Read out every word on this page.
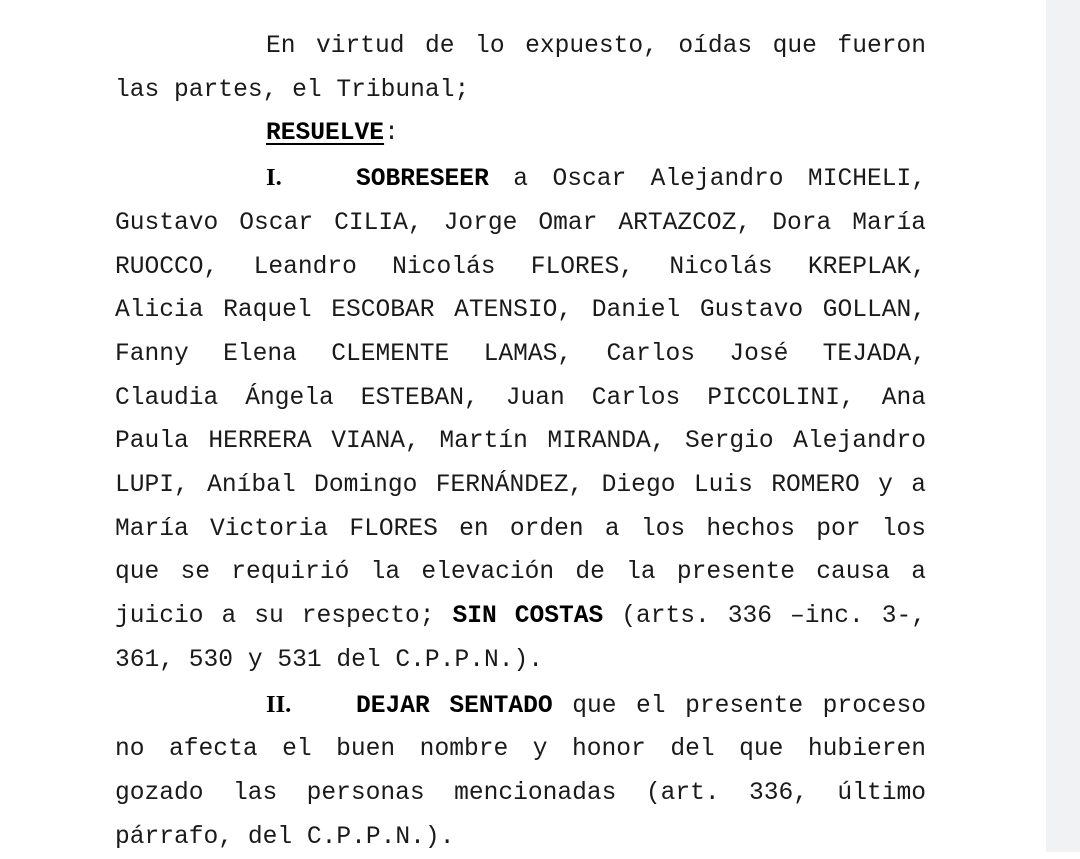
En virtud de lo expuesto, oídas que fueron las partes, el Tribunal;

RESUELVE:

I.	SOBRESEER a Oscar Alejandro MICHELI, Gustavo Oscar CILIA, Jorge Omar ARTAZCOZ, Dora María RUOCCO, Leandro Nicolás FLORES, Nicolás KREPLAK, Alicia Raquel ESCOBAR ATENSIO, Daniel Gustavo GOLLAN, Fanny Elena CLEMENTE LAMAS, Carlos José TEJADA, Claudia Ángela ESTEBAN, Juan Carlos PICCOLINI, Ana Paula HERRERA VIANA, Martín MIRANDA, Sergio Alejandro LUPI, Aníbal Domingo FERNÁNDEZ, Diego Luis ROMERO y a María Victoria FLORES en orden a los hechos por los que se requirió la elevación de la presente causa a juicio a su respecto; SIN COSTAS (arts. 336 –inc. 3-, 361, 530 y 531 del C.P.P.N.).

II.	DEJAR SENTADO que el presente proceso no afecta el buen nombre y honor del que hubieren gozado las personas mencionadas (art. 336, último párrafo, del C.P.P.N.).
